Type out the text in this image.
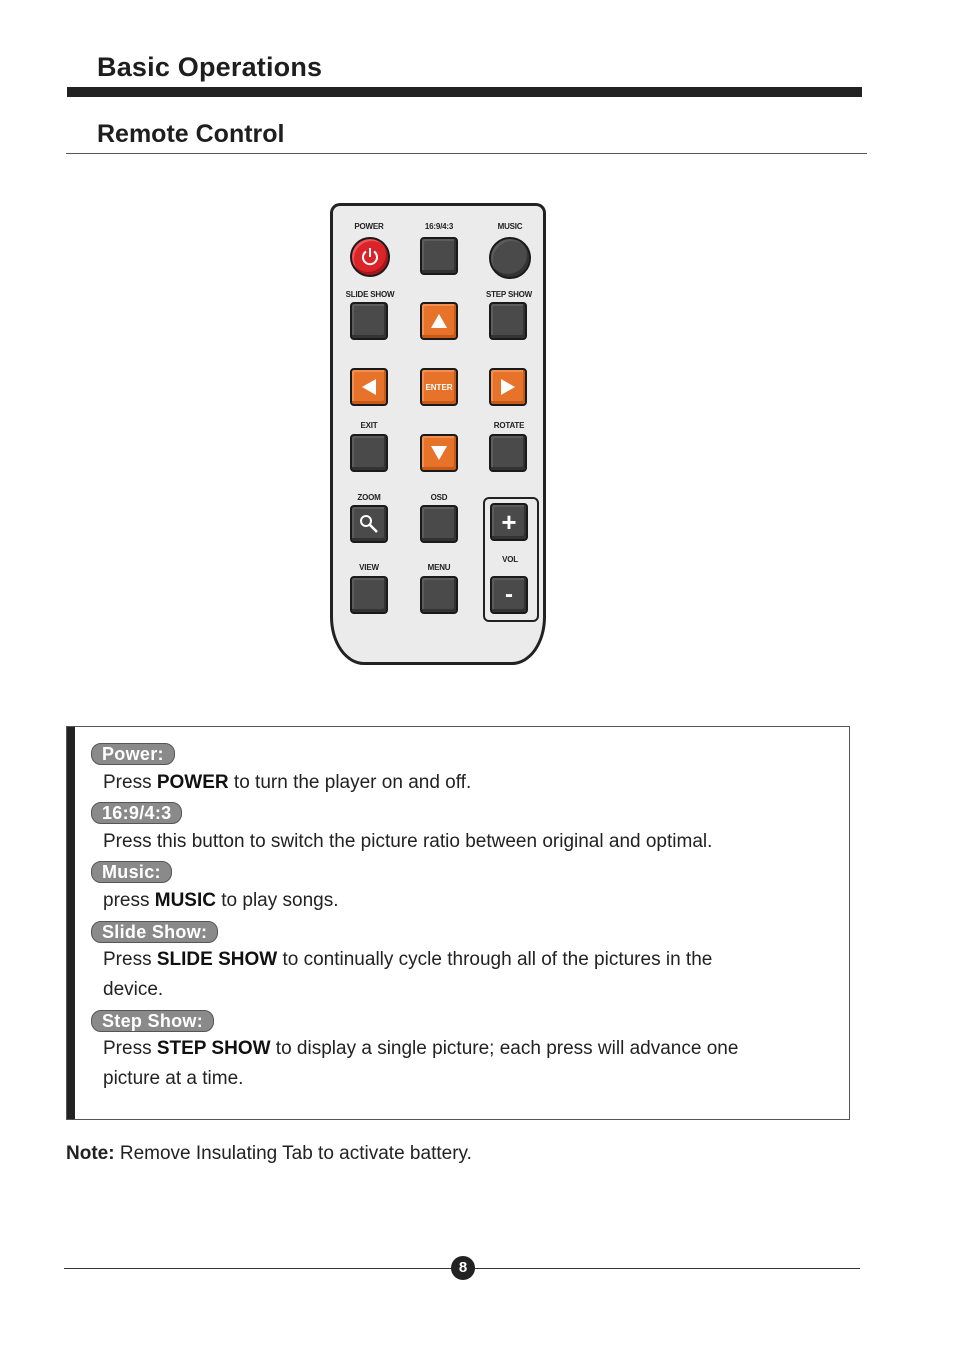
Basic Operations
Remote Control
POWER	16:9/4:3	MUSIC
SLIDE SHOW	STEP SHOW
ENTER
EXIT	ROTATE
ZOOM	OSD
+
VOL
-
VIEW	MENU
Power:
Press POWER to turn the player on and off.
16:9/4:3
Press this button to switch the picture ratio between original and optimal.
Music:
press MUSIC to play songs.
Slide Show:
Press SLIDE SHOW to continually cycle through all of the pictures in the
device.
Step Show:
Press STEP SHOW to display a single picture; each press will advance one
picture at a time.
Note: Remove Insulating Tab to activate battery.
8
